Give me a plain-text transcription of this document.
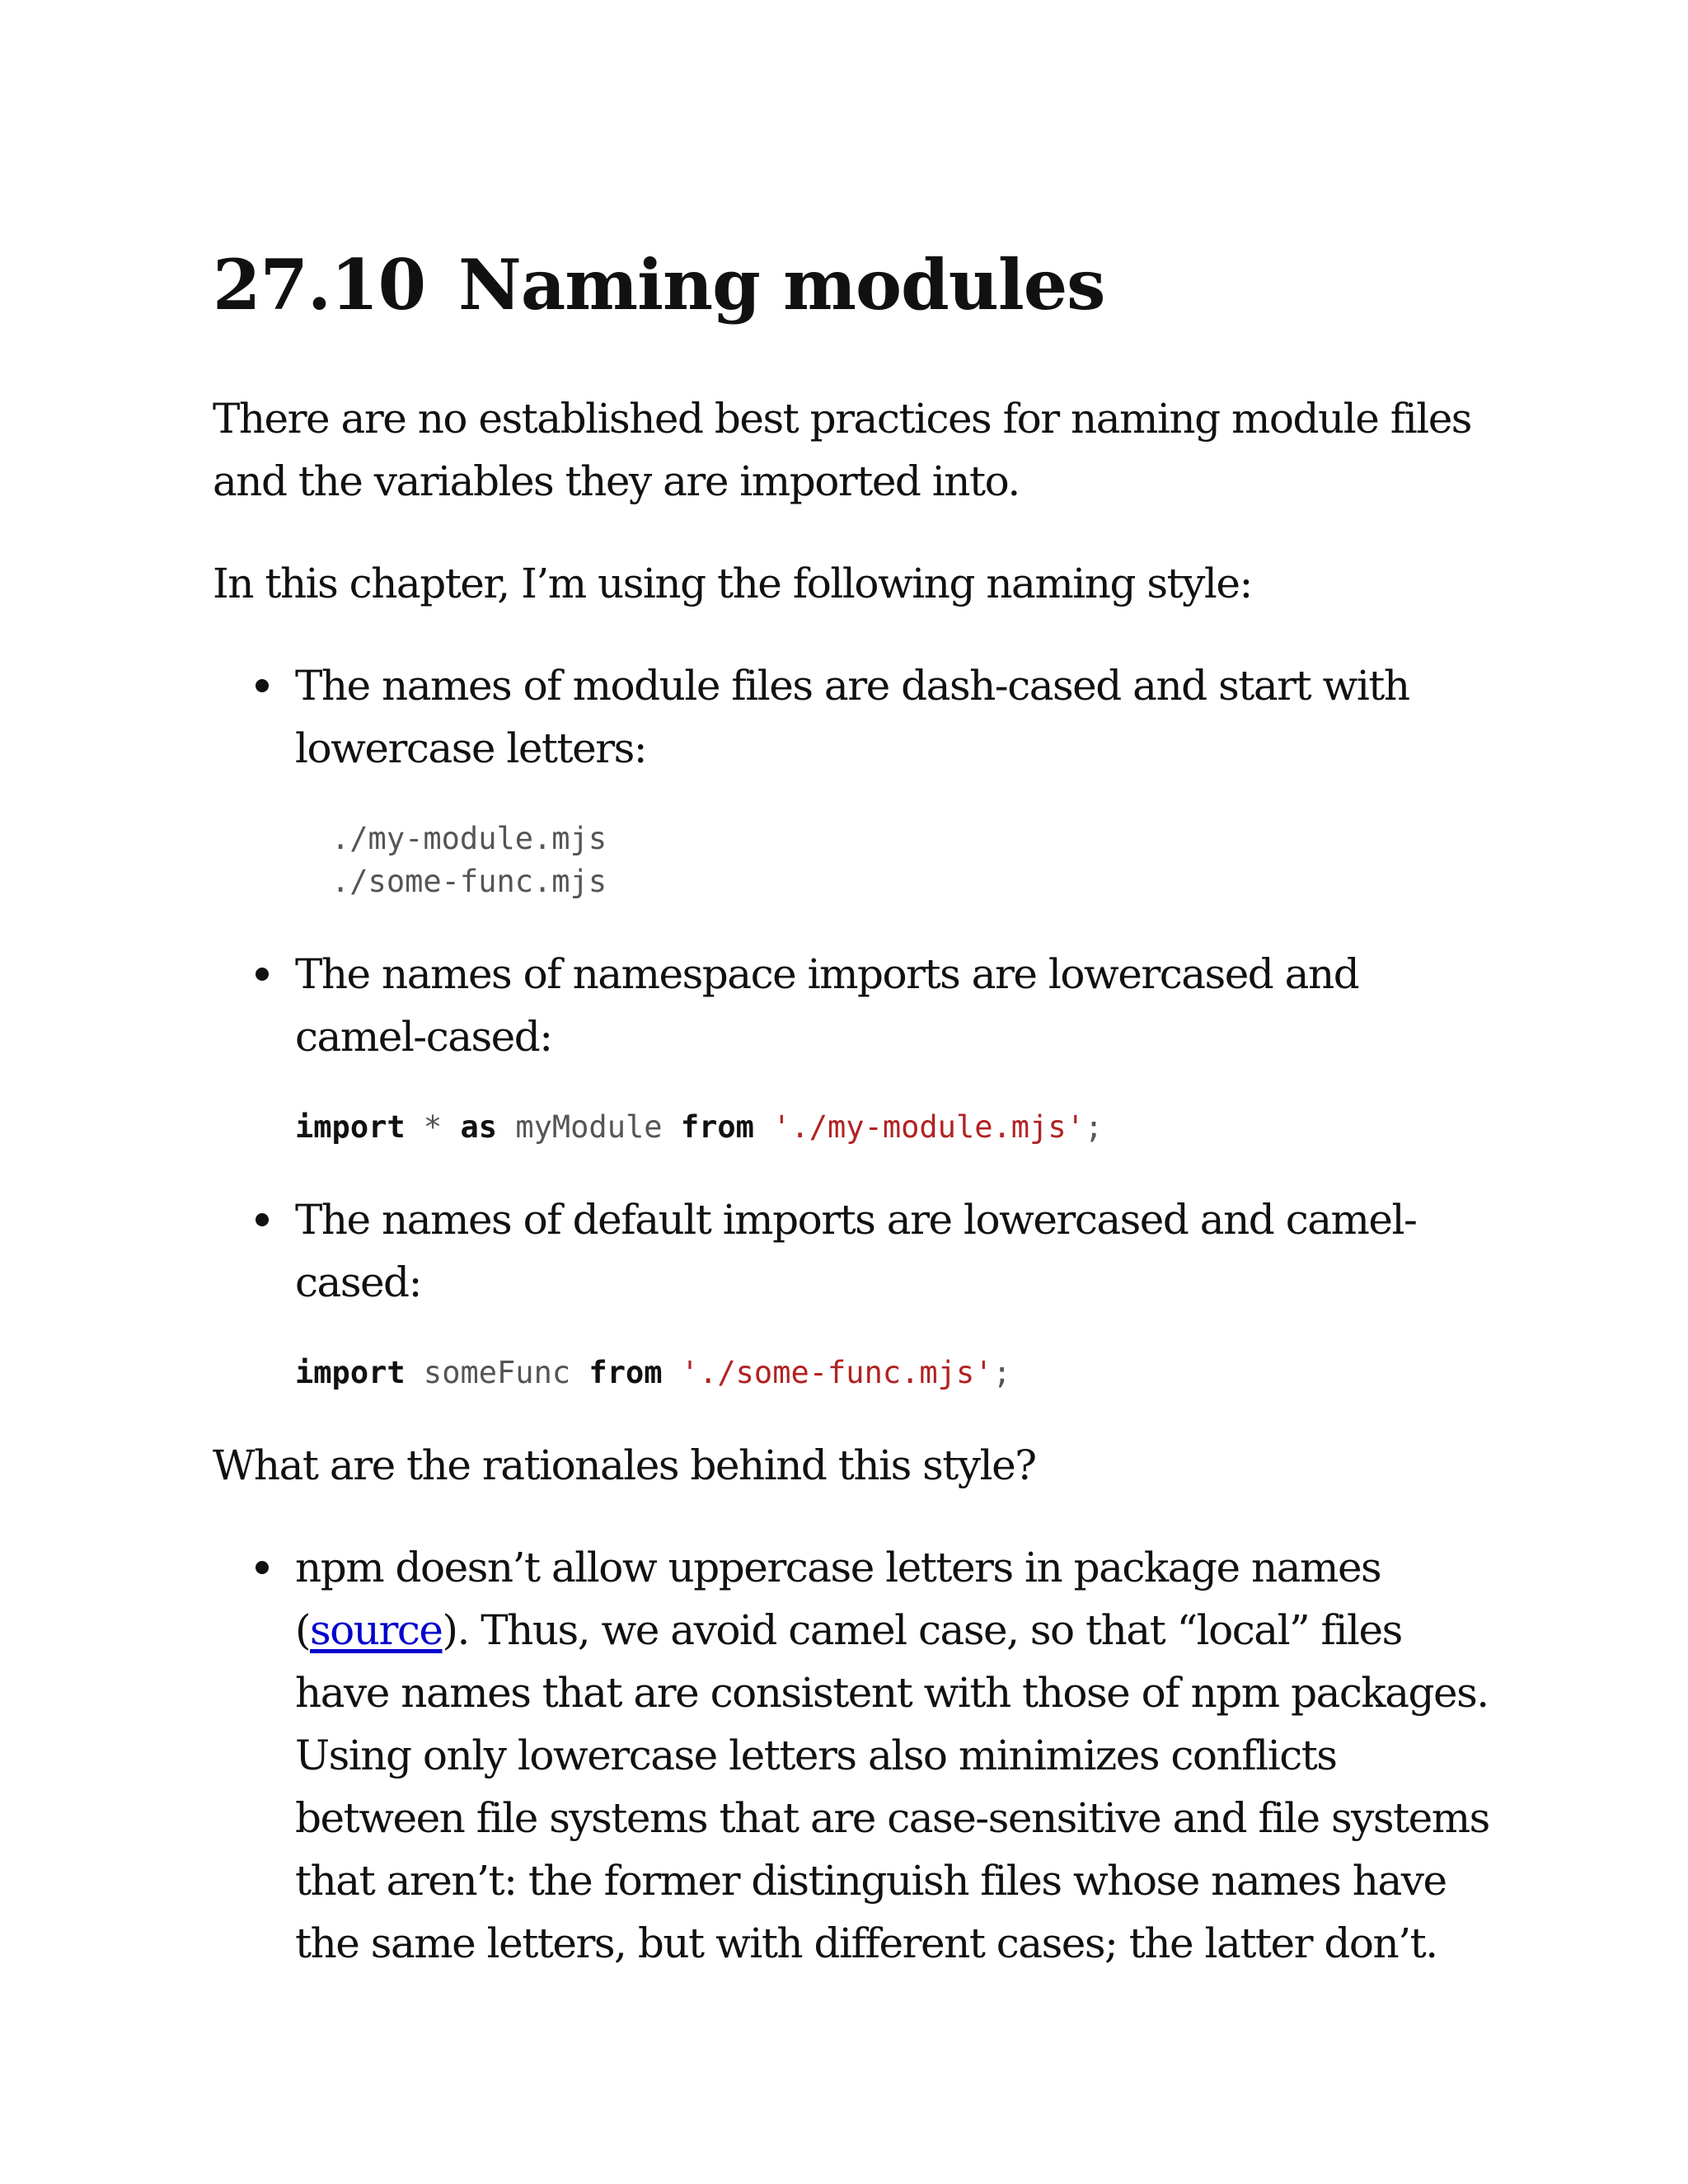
27.10 Naming modules

There are no established best practices for naming module files and the variables they are imported into.

In this chapter, I’m using the following naming style:

The names of module files are dash-cased and start with lowercase letters:
./my-module.mjs
./some-func.mjs
The names of namespace imports are lowercased and camel-cased:
import * as myModule from './my-module.mjs';
The names of default imports are lowercased and camel-cased:
import someFunc from './some-func.mjs';

What are the rationales behind this style?

npm doesn’t allow uppercase letters in package names (source). Thus, we avoid camel case, so that “local” files have names that are consistent with those of npm packages. Using only lowercase letters also minimizes conflicts between file systems that are case-sensitive and file systems that aren’t: the former distinguish files whose names have the same letters, but with different cases; the latter don’t.
